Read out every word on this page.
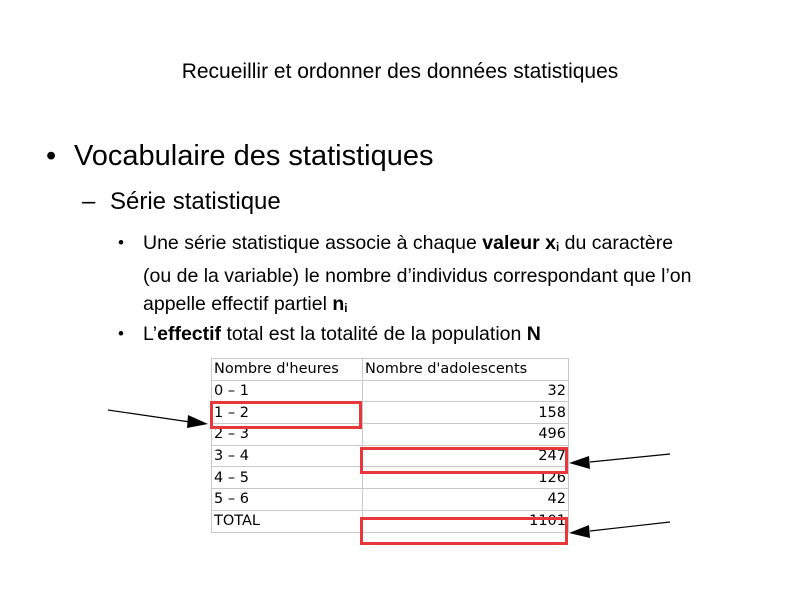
Recueillir et ordonner des données statistiques
• Vocabulaire des statistiques
– Série statistique
• Une série statistique associe à chaque valeur $x_i$ du caractère (ou de la variable) le nombre d’individus correspondant que l’on appelle effectif partiel $n_i$
• L’effectif total est la totalité de la population N
Nombre d'heures	Nombre d'adolescents
0 – 1	32
1 – 2	158
2 – 3	496
3 – 4	247
4 – 5	126
5 – 6	42
TOTAL	1101
